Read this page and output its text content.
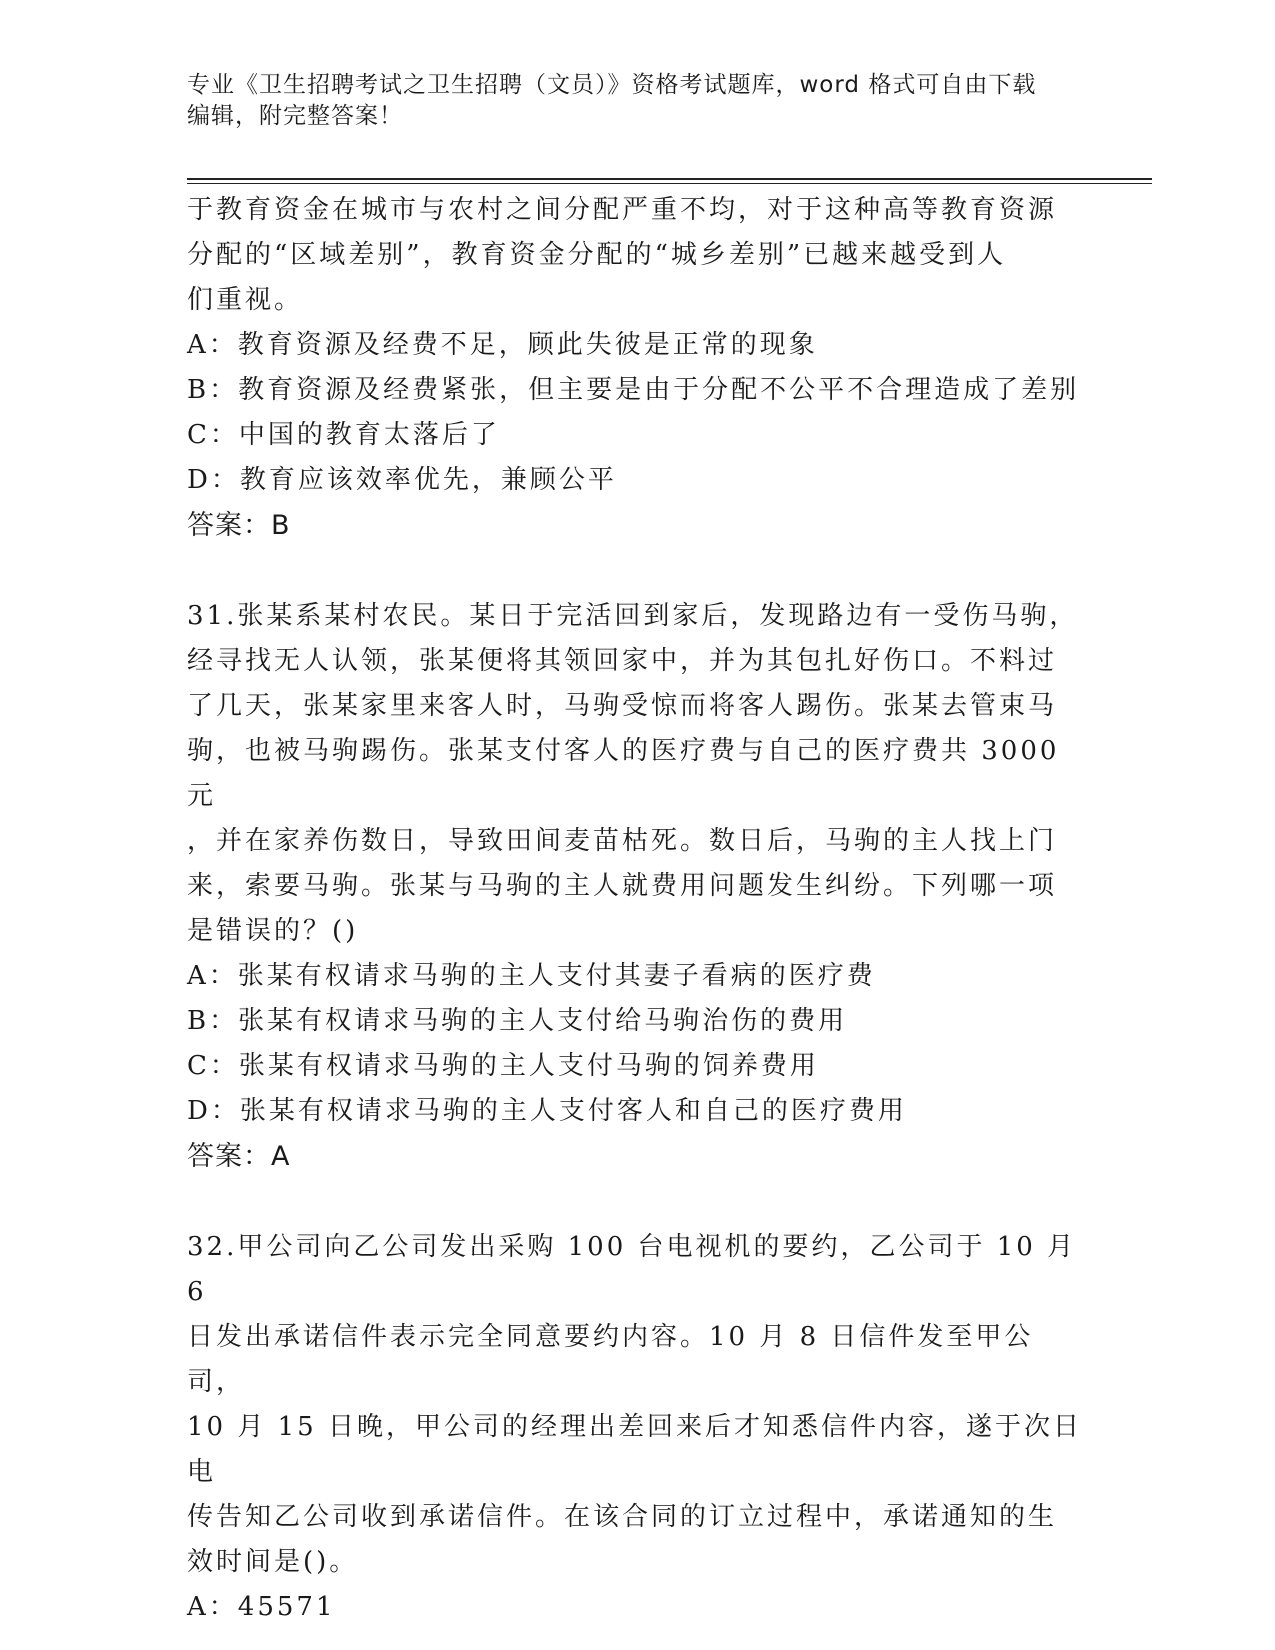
专业《卫生招聘考试之卫生招聘（文员）》资格考试题库，word 格式可自由下载
编辑，附完整答案！

于教育资金在城市与农村之间分配严重不均，对于这种高等教育资源

分配的“区域差别”，教育资金分配的“城乡差别”已越来越受到人

们重视。

A：教育资源及经费不足，顾此失彼是正常的现象

B：教育资源及经费紧张，但主要是由于分配不公平不合理造成了差别

C：中国的教育太落后了

D：教育应该效率优先，兼顾公平

答案：B

31.张某系某村农民。某日于完活回到家后，发现路边有一受伤马驹，

经寻找无人认领，张某便将其领回家中，并为其包扎好伤口。不料过

了几天，张某家里来客人时，马驹受惊而将客人踢伤。张某去管束马

驹，也被马驹踢伤。张某支付客人的医疗费与自己的医疗费共 3000 元

，并在家养伤数日，导致田间麦苗枯死。数日后，马驹的主人找上门

来，索要马驹。张某与马驹的主人就费用问题发生纠纷。下列哪一项

是错误的？()

A：张某有权请求马驹的主人支付其妻子看病的医疗费

B：张某有权请求马驹的主人支付给马驹治伤的费用

C：张某有权请求马驹的主人支付马驹的饲养费用

D：张某有权请求马驹的主人支付客人和自己的医疗费用

答案：A

32.甲公司向乙公司发出采购 100 台电视机的要约，乙公司于 10 月 6

日发出承诺信件表示完全同意要约内容。10 月 8 日信件发至甲公司，

10 月 15 日晚，甲公司的经理出差回来后才知悉信件内容，遂于次日电

传告知乙公司收到承诺信件。在该合同的订立过程中，承诺通知的生

效时间是()。

A：45571
